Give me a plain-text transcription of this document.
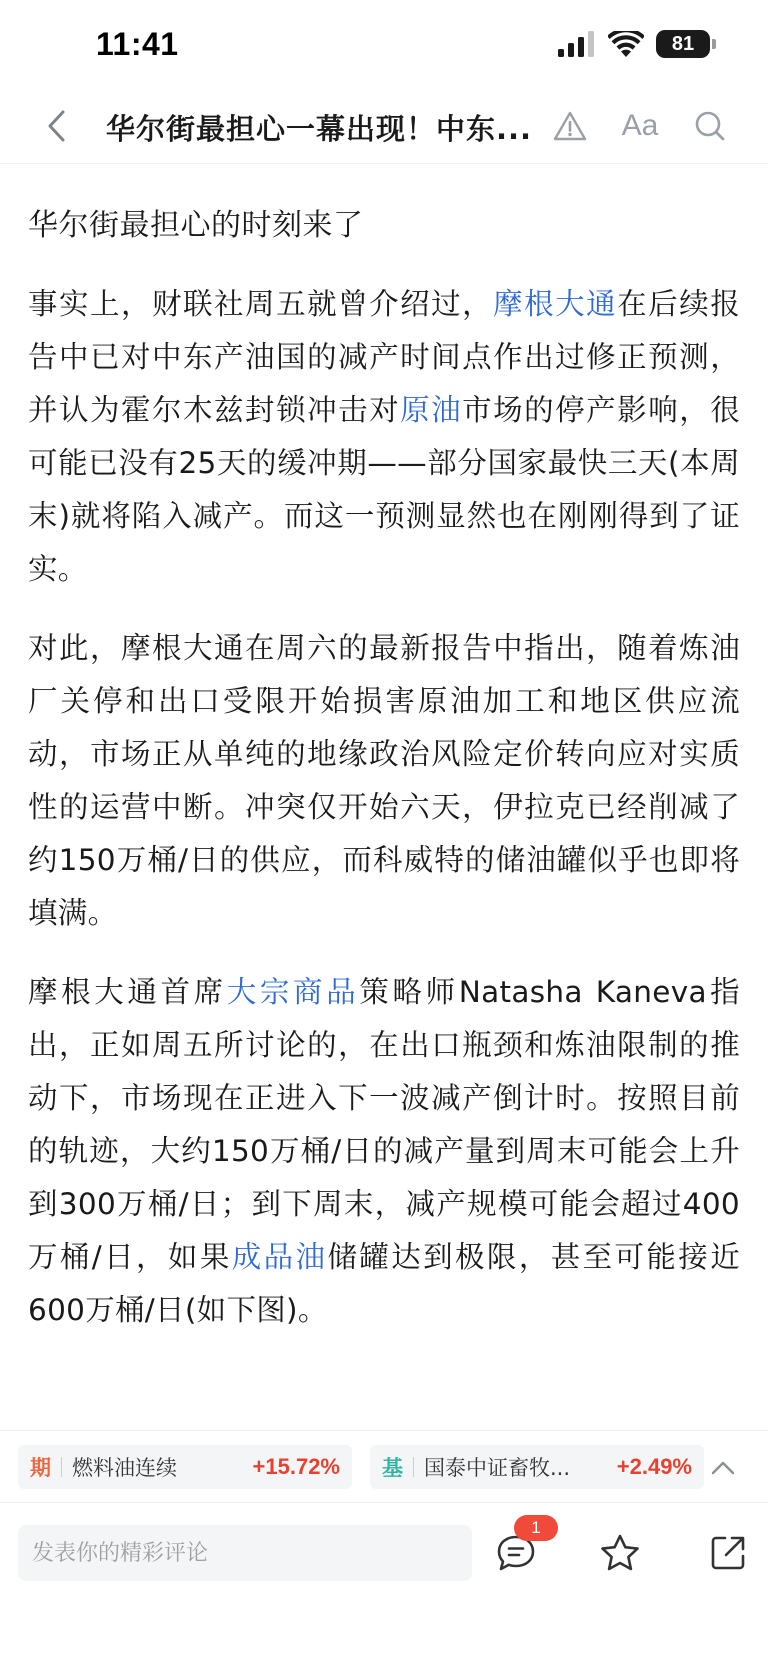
11:41	81
华尔街最担心一幕出现！中东...	Aa
华尔街最担心的时刻来了

事实上，财联社周五就曾介绍过，摩根大通在后续报告中已对中东产油国的减产时间点作出过修正预测，并认为霍尔木兹封锁冲击对原油市场的停产影响，很可能已没有25天的缓冲期——部分国家最快三天(本周末)就将陷入减产。而这一预测显然也在刚刚得到了证实。

对此，摩根大通在周六的最新报告中指出，随着炼油厂关停和出口受限开始损害原油加工和地区供应流动，市场正从单纯的地缘政治风险定价转向应对实质性的运营中断。冲突仅开始六天，伊拉克已经削减了约150万桶/日的供应，而科威特的储油罐似乎也即将填满。

摩根大通首席大宗商品策略师Natasha Kaneva指出，正如周五所讨论的，在出口瓶颈和炼油限制的推动下，市场现在正进入下一波减产倒计时。按照目前的轨迹，大约150万桶/日的减产量到周末可能会上升到300万桶/日；到下周末，减产规模可能会超过400万桶/日，如果成品油储罐达到极限，甚至可能接近600万桶/日(如下图)。

期 燃料油连续	+15.72% 基 国泰中证畜牧...	+2.49%
发表你的精彩评论
1
